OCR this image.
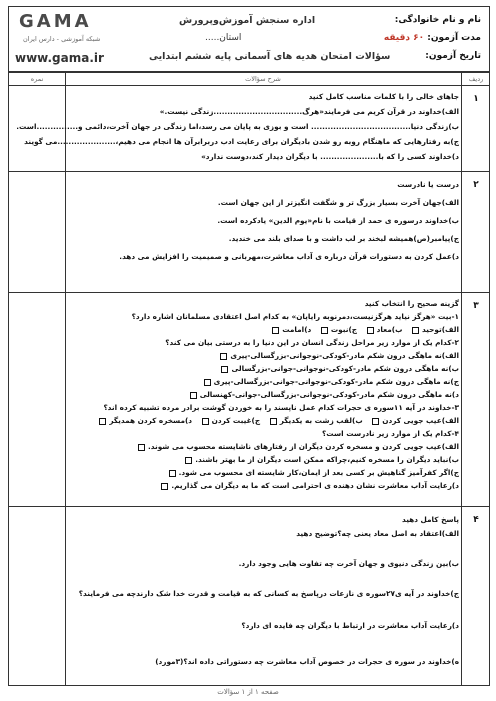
GAMA
شبکه آموزشی - دارس ایران
www.gama.ir
اداره سنجش آموزش‌وپرورش
استان.....
سؤالات امتحان هدیه های آسمانی پایه ششم ابتدایی
نام و نام خانوادگی:
مدت آزمون: ۶۰ دقیقه
تاریخ آزمون:
ردیف
شرح سؤالات
نمره
۱
جاهای خالی را با کلمات مناسب کامل کنید
الف)خداوند در قرآن کریم می فرمایند«هرگ................................زندگی نیست.»
ب)زندگی دنیا.................................... است و بوزی به پایان می رسد،اما زندگی در جهان آخرت،دائمی و...............است.
ج)به رفتارهایی که ماهنگام روبه رو شدن بادیگران برای رعایت ادب دربرابرآن ها انجام می دهیم،.....................می گویند
د)خداوند کسی را که با..................... با دیگران دیدار کند،دوست ندارد»
۲
درست یا نادرست
الف)جهان آخرت بسیار بزرگ تر و شگفت انگیزتر از این جهان است.
ب)خداوند درسوره ی حمد از قیامت با نام«یوم الدین» یادکرده است.
ج)پیامبر(ص)همیشه لبخند بر لب داشت و با صدای بلند می خندید.
د)عمل کردن به دستورات قرآن درباره ی آداب معاشرت،مهربانی و صمیمیت را افزایش می دهد.
۳
گزینه صحیح را انتخاب کنید
۱-بیت «هرگز نیاید هرگزنیست،دمرنوبه رایاپان» به کدام اصل اعتقادی مسلمانان اشاره دارد؟
الف)توحید ب)معاد ج)نبوت د)امامت
۲-کدام یک از موارد زیر مراحل زندگی انسان در این دنیا را به درستی بیان می کند؟
الف)نه ماهگی درون شکم مادر-کودکی-نوجوانی-بزرگسالی-پیری
ب)نه ماهگی درون شکم مادر-کودکی-نوجوانی-جوانی-بزرگسالی
ج)نه ماهگی درون شکم مادر-کودکی-نوجوانی-جوانی-بزرگسالی-پیری
د)نه ماهگی درون شکم مادر-کودکی-نوجوانی-بزرگسالی-جوانی-کهنسالی
۳-خداوند در آیه ۱۱سوره ی حجرات کدام عمل ناپسند را به خوردن گوشت برادر مرده تشبیه کرده اند؟
الف)عیب جویی کردن ب)لقب زشت به یکدیگر ج)غیبت کردن د)مسخره کردن همدیگر
۴-کدام یک از موارد زیر نادرست است؟
الف)عیب جویی کردن و مسخره کردن دیگران از رفتارهای ناشایسته محسوب می شوند.
ب)نباید دیگران را مسخره کنیم،چراکه ممکن است دیگران از ما بهتر باشند.
ج)اگر کفرآمیز گناهیش بر کسی بعد از ایمان،کار شایسته ای محسوب می شود.
د)رعایت آداب معاشرت نشان دهنده ی احترامی است که ما به دیگران می گذاریم.
۴
پاسخ کامل دهید
الف)اعتقاد به اصل معاد یعنی چه؟توضیح دهید
ب)بین زندگی دنیوی و جهان آخرت چه تفاوت هایی وجود دارد.
ج)خداوند در آیه ی۲۷سوره ی نازعات درپاسخ به کسانی که به قیامت و قدرت خدا شک دارندچه می فرمایند؟
د)رعایت آداب معاشرت در ارتباط با دیگران چه فایده ای دارد؟
ه)خداوند در سوره ی حجرات در خصوص آداب معاشرت چه دستوراتی داده اند؟(۳مورد)
صفحه ۱ از ۱ سؤالات
